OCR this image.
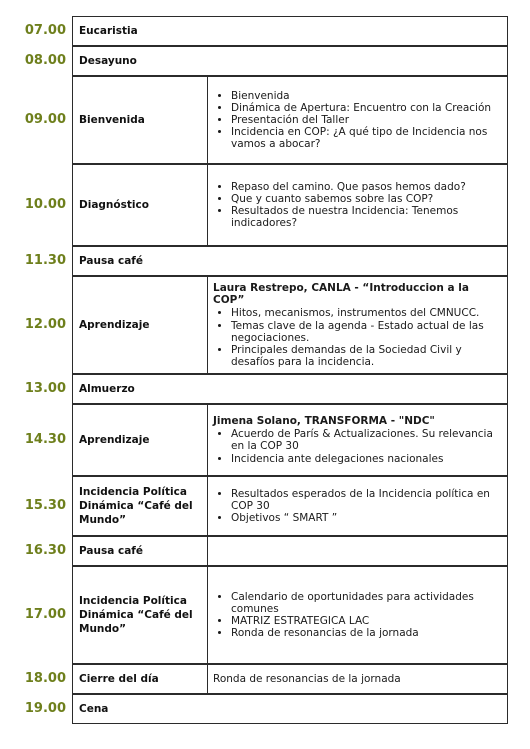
07.00 Eucaristia
08.00 Desayuno
09.00 Bienvenida
• Bienvenida
• Dinámica de Apertura: Encuentro con la Creación
• Presentación del Taller
• Incidencia en COP: ¿A qué tipo de Incidencia nos vamos a abocar?
10.00 Diagnóstico
• Repaso del camino. Que pasos hemos dado?
• Que y cuanto sabemos sobre las COP?
• Resultados de nuestra Incidencia: Tenemos indicadores?
11.30 Pausa café
12.00 Aprendizaje
Laura Restrepo, CANLA - “Introduccion a la COP”
• Hitos, mecanismos, instrumentos del CMNUCC.
• Temas clave de la agenda - Estado actual de las negociaciones.
• Principales demandas de la Sociedad Civil y desafíos para la incidencia.
13.00 Almuerzo
14.30 Aprendizaje
Jimena Solano, TRANSFORMA - "NDC"
• Acuerdo de París & Actualizaciones. Su relevancia en la COP 30
• Incidencia ante delegaciones nacionales
15.30
Incidencia Política Dinámica “Café del Mundo”
• Resultados esperados de la Incidencia política en COP 30
• Objetivos “ SMART ”
16.30 Pausa café
17.00
Incidencia Política Dinámica “Café del Mundo”
• Calendario de oportunidades para actividades comunes
• MATRIZ ESTRATEGICA LAC
• Ronda de resonancias de la jornada
18.00 Cierre del día	Ronda de resonancias de la jornada
19.00 Cena
